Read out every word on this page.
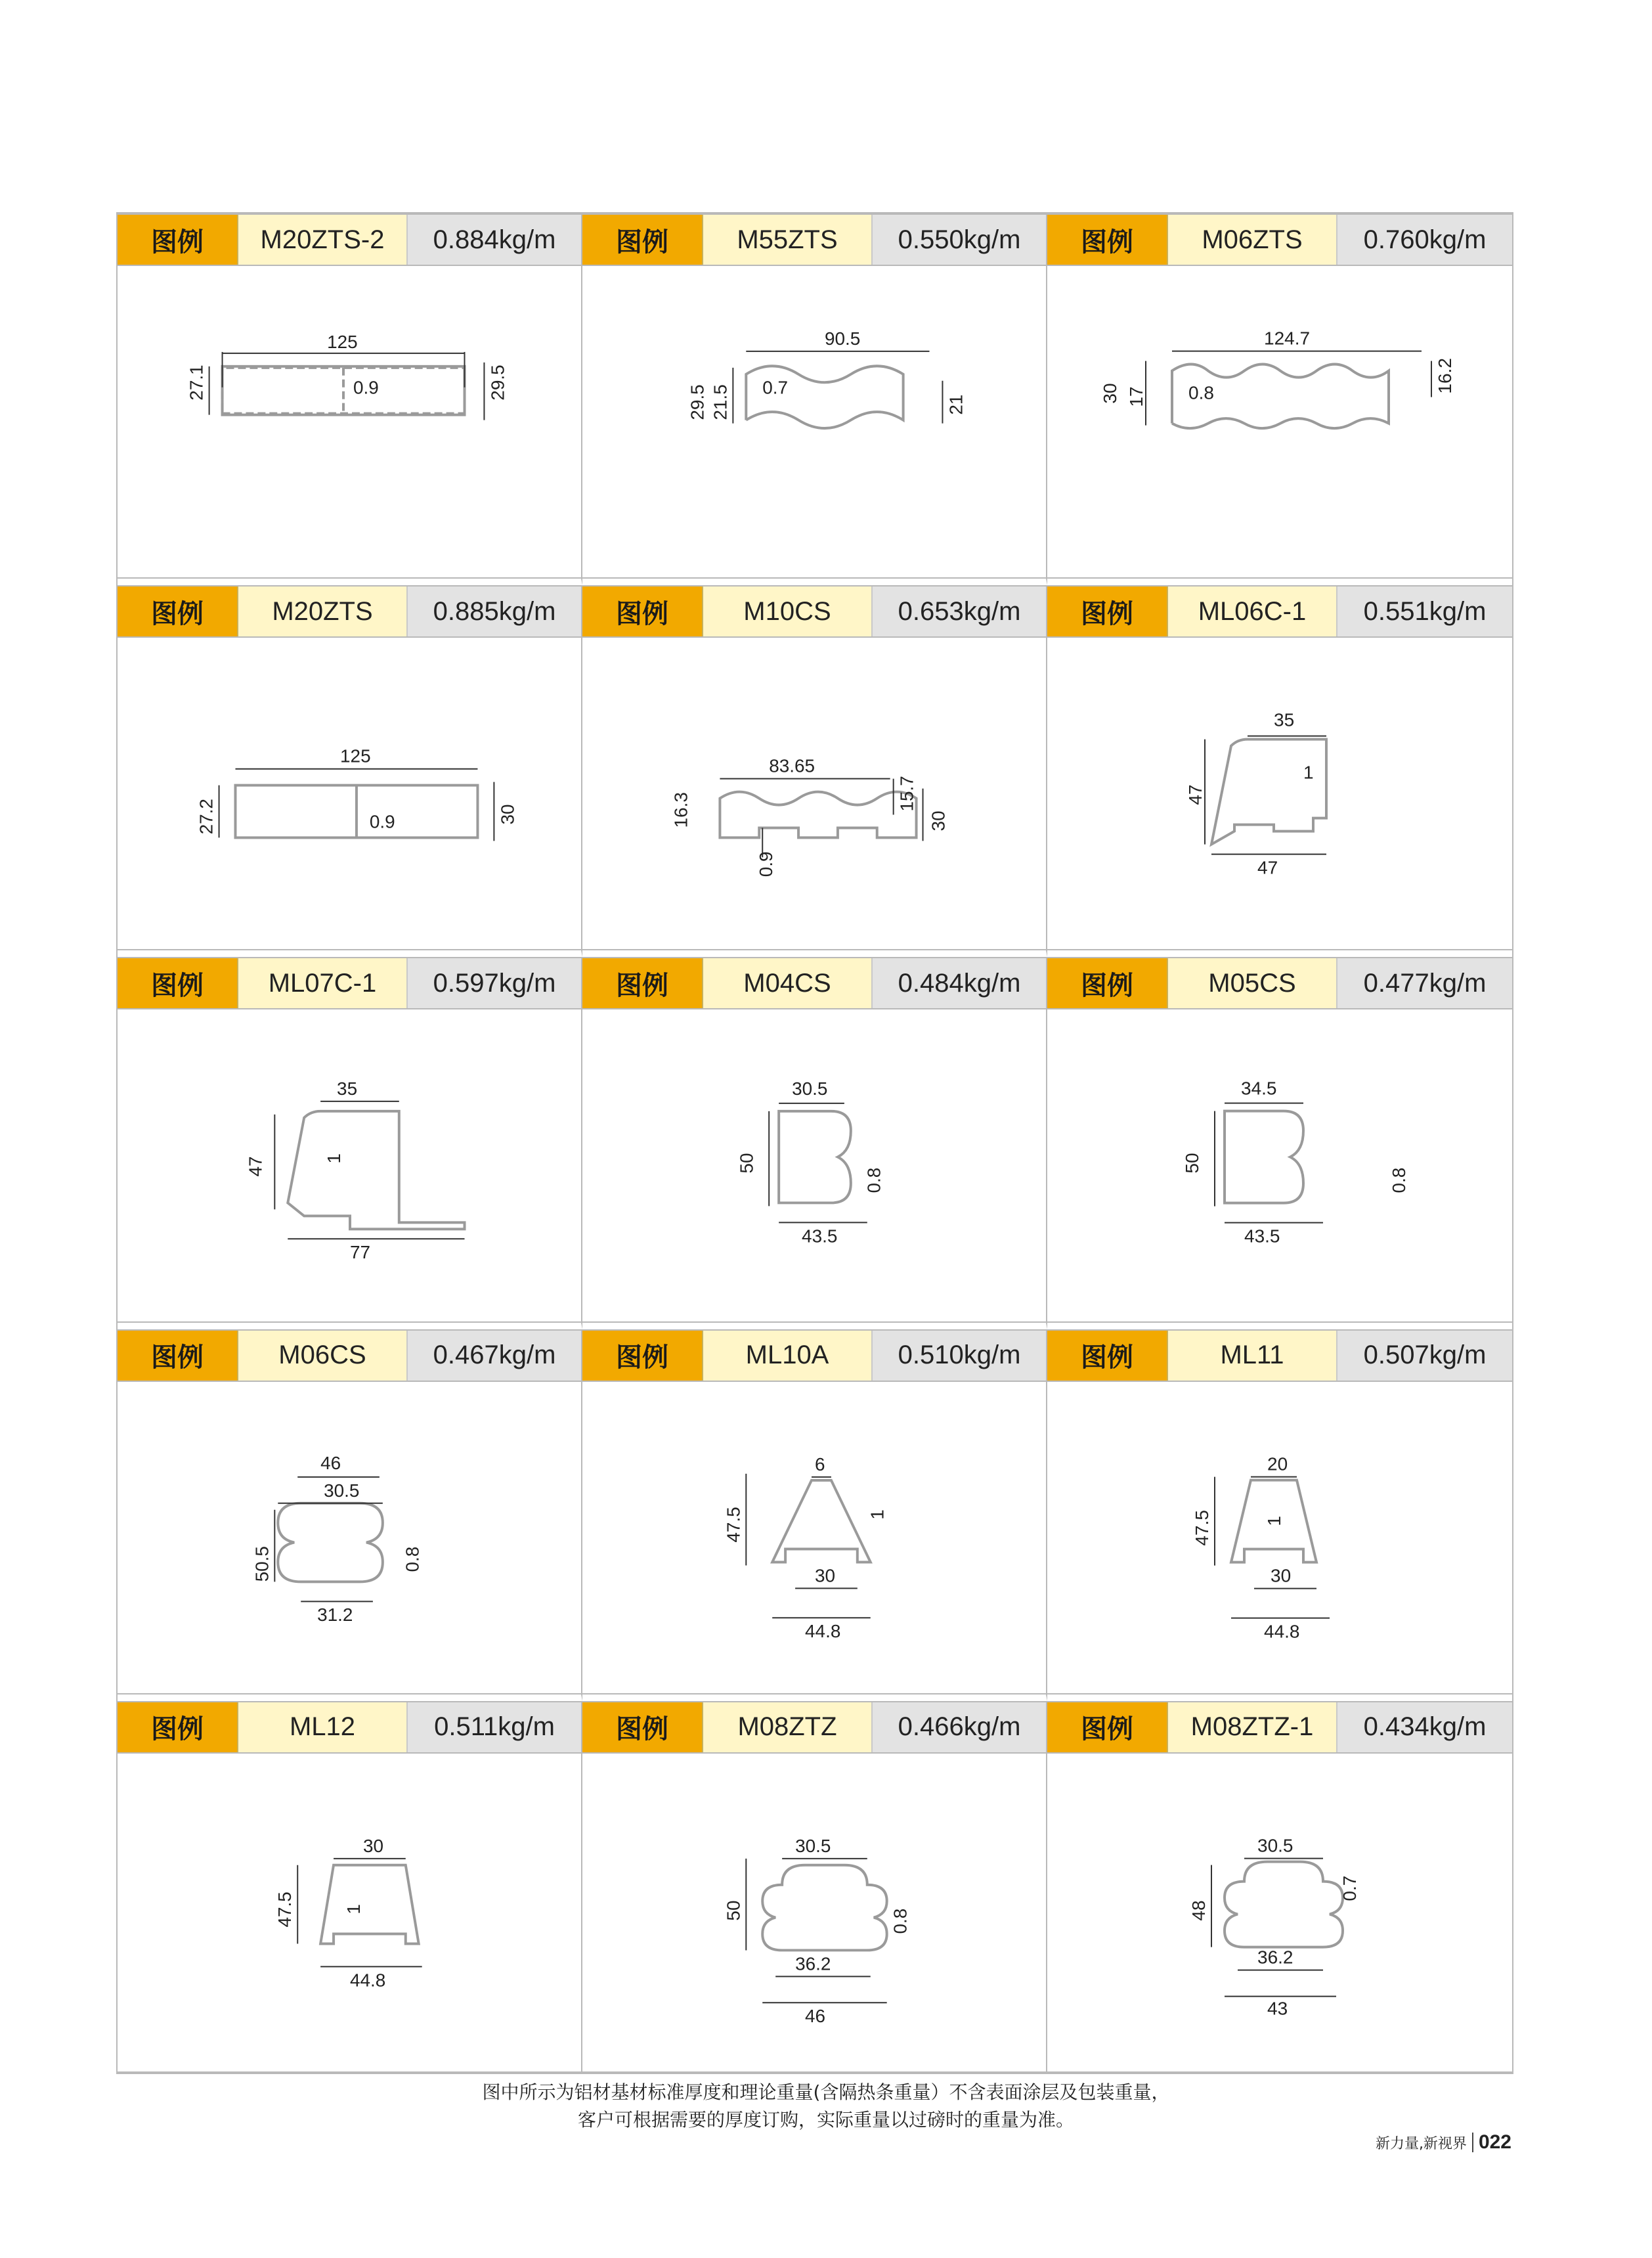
图例	M20ZTS-2	0.884kg/m
125
27.1	29.5
0.9
图例	M55ZTS	0.550kg/m
90.5
29.5 21.5 0.7
21
图例	M06ZTS	0.760kg/m
124.7
30 17 0.8	16.2
图例	M20ZTS	0.885kg/m
125
27.2	0.9	30
图例	M10CS	0.653kg/m
83.65
15.7
16.3	30
0.9
图例	ML06C-1	0.551kg/m
35
1
47
47
图例	ML07C-1	0.597kg/m
35
47	1
77
图例	M04CS	0.484kg/m
30.5
50
0.8
43.5
图例	M05CS	0.477kg/m
34.5
50
0.8
43.5
图例	M06CS	0.467kg/m
46
30.5
50.5	0.8
31.2
图例	ML10A	0.510kg/m
6
47.5	1
30
44.8
图例	ML11	0.507kg/m
20
47.5	1
30
44.8
图例	ML12	0.511kg/m
30
47.5	1
44.8
图例	M08ZTZ	0.466kg/m
30.5
50	0.8
36.2
46
图例	M08ZTZ-1	0.434kg/m
30.5
48
0.7
36.2
43
图中所示为铝材基材标准厚度和理论重量(含隔热条重量）不含表面涂层及包装重量，
客户可根据需要的厚度订购，实际重量以过磅时的重量为准。
新力量,新视界 022
